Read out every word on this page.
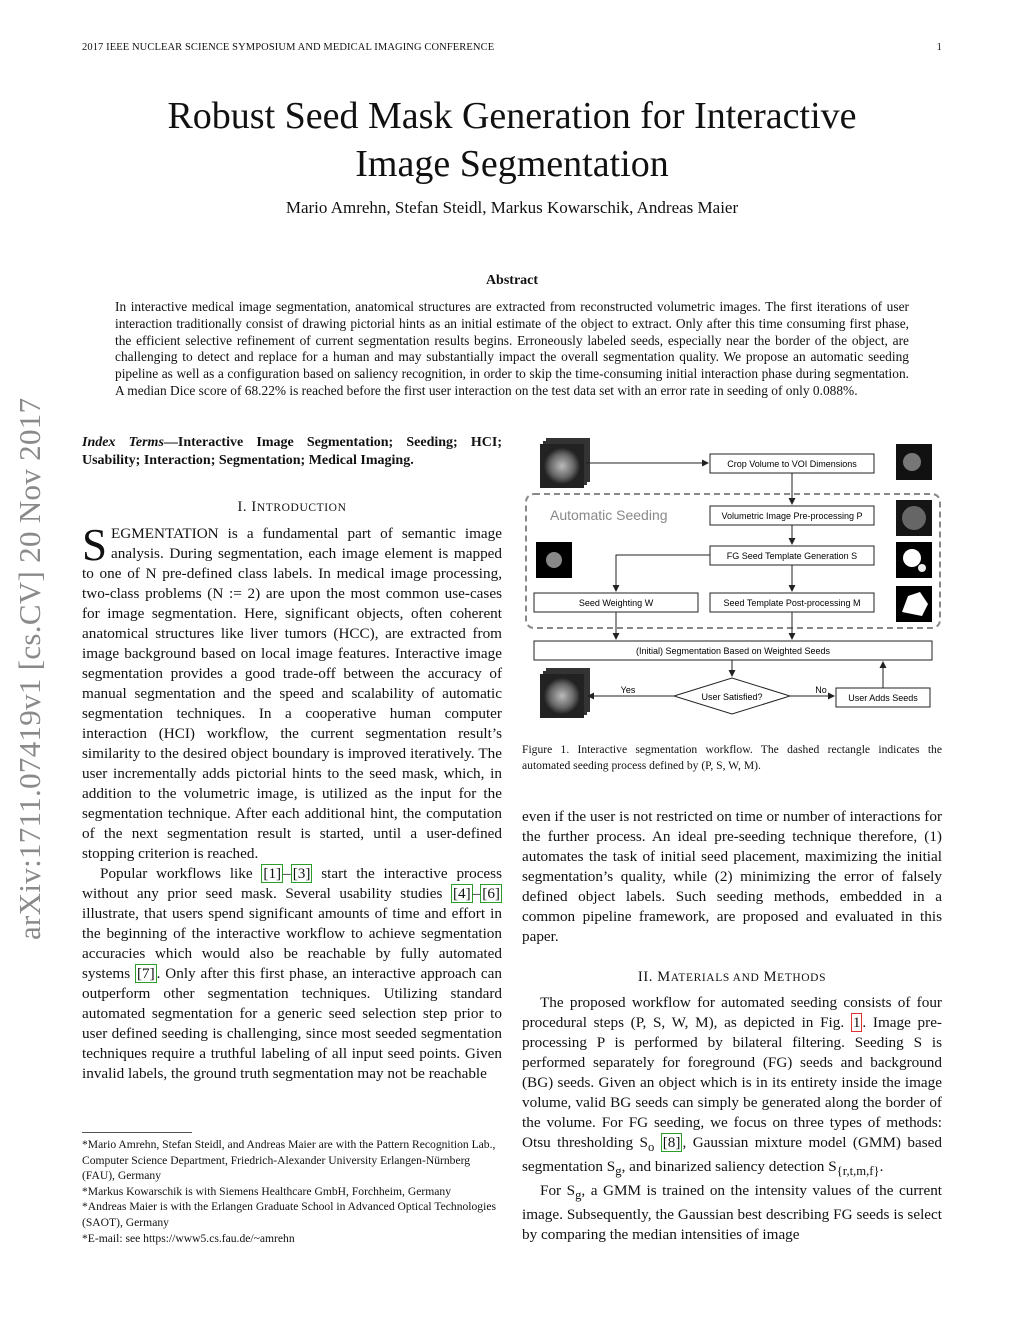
2017 IEEE NUCLEAR SCIENCE SYMPOSIUM AND MEDICAL IMAGING CONFERENCE	1
Robust Seed Mask Generation for Interactive
Image Segmentation
Mario Amrehn, Stefan Steidl, Markus Kowarschik, Andreas Maier
Abstract
In interactive medical image segmentation, anatomical structures are extracted from reconstructed volumetric images. The first iterations of user interaction traditionally consist of drawing pictorial hints as an initial estimate of the object to extract. Only after this time consuming first phase, the efficient selective refinement of current segmentation results begins. Erroneously labeled seeds, especially near the border of the object, are challenging to detect and replace for a human and may substantially impact the overall segmentation quality. We propose an automatic seeding pipeline as well as a configuration based on saliency recognition, in order to skip the time-consuming initial interaction phase during segmentation. A median Dice score of 68.22% is reached before the first user interaction on the test data set with an error rate in seeding of only 0.088%.
arXiv:1711.07419v1 [cs.CV] 20 Nov 2017	Index Terms—Interactive Image Segmentation; Seeding; HCI; Usability; Interaction; Segmentation; Medical Imaging.
I. INTRODUCTION
SEGMENTATION is a fundamental part of semantic image analysis. During segmentation, each image element is mapped to one of N pre-defined class labels. In medical image processing, two-class problems (N := 2) are upon the most common use-cases for image segmentation. Here, significant objects, often coherent anatomical structures like liver tumors (HCC), are extracted from image background based on local image features. Interactive image segmentation provides a good trade-off between the accuracy of manual segmentation and the speed and scalability of automatic segmentation techniques. In a cooperative human computer interaction (HCI) workflow, the current segmentation result’s similarity to the desired object boundary is improved iteratively. The user incrementally adds pictorial hints to the seed mask, which, in addition to the volumetric image, is utilized as the input for the segmentation technique. After each additional hint, the computation of the next segmentation result is started, until a user-defined stopping criterion is reached.
Popular workflows like [1] – [3] start the interactive process without any prior seed mask. Several usability studies [4] – [6] illustrate, that users spend significant amounts of time and effort in the beginning of the interactive workflow to achieve segmentation accuracies which would also be reachable by fully automated systems [7] . Only after this first phase, an interactive approach can outperform other segmentation techniques. Utilizing standard automated segmentation for a generic seed selection step prior to user defined seeding is challenging, since most seeded segmentation techniques require a truthful labeling of all input seed points. Given invalid labels, the ground truth segmentation may not be reachable
*Mario Amrehn, Stefan Steidl, and Andreas Maier are with the Pattern Recognition Lab., Computer Science Department, Friedrich-Alexander University Erlangen-Nürnberg (FAU), Germany
*Markus Kowarschik is with Siemens Healthcare GmbH, Forchheim, Germany
*Andreas Maier is with the Erlangen Graduate School in Advanced Optical Technologies (SAOT), Germany
*E-mail: see https://www5.cs.fau.de/~amrehn
Automatic Seeding
Crop Volume to VOI Dimensions
Volumetric Image Pre-processing P
FG Seed Template Generation S
Seed Weighting W	Seed Template Post-processing M
(Initial) Segmentation Based on Weighted Seeds
User Satisfied?	User Adds Seeds
Yes	No
Figure 1. Interactive segmentation workflow. The dashed rectangle indicates the automated seeding process defined by (P, S, W, M).
even if the user is not restricted on time or number of interactions for the further process. An ideal pre-seeding technique therefore, (1) automates the task of initial seed placement, maximizing the initial segmentation’s quality, while (2) minimizing the error of falsely defined object labels. Such seeding methods, embedded in a common pipeline framework, are proposed and evaluated in this paper.
II. MATERIALS AND METHODS
The proposed workflow for automated seeding consists of four procedural steps (P, S, W, M), as depicted in Fig. 1 . Image pre-processing P is performed by bilateral filtering. Seeding S is performed separately for foreground (FG) seeds and background (BG) seeds. Given an object which is in its entirety inside the image volume, valid BG seeds can simply be generated along the border of the volume. For FG seeding, we focus on three types of methods: Otsu thresholding $S_o$ [8] , Gaussian mixture model (GMM) based segmentation $S_g$, and binarized saliency detection $S_{\{r,t,m,f\}}$.
For $S_g$, a GMM is trained on the intensity values of the current image. Subsequently, the Gaussian best describing FG seeds is select by comparing the median intensities of image
